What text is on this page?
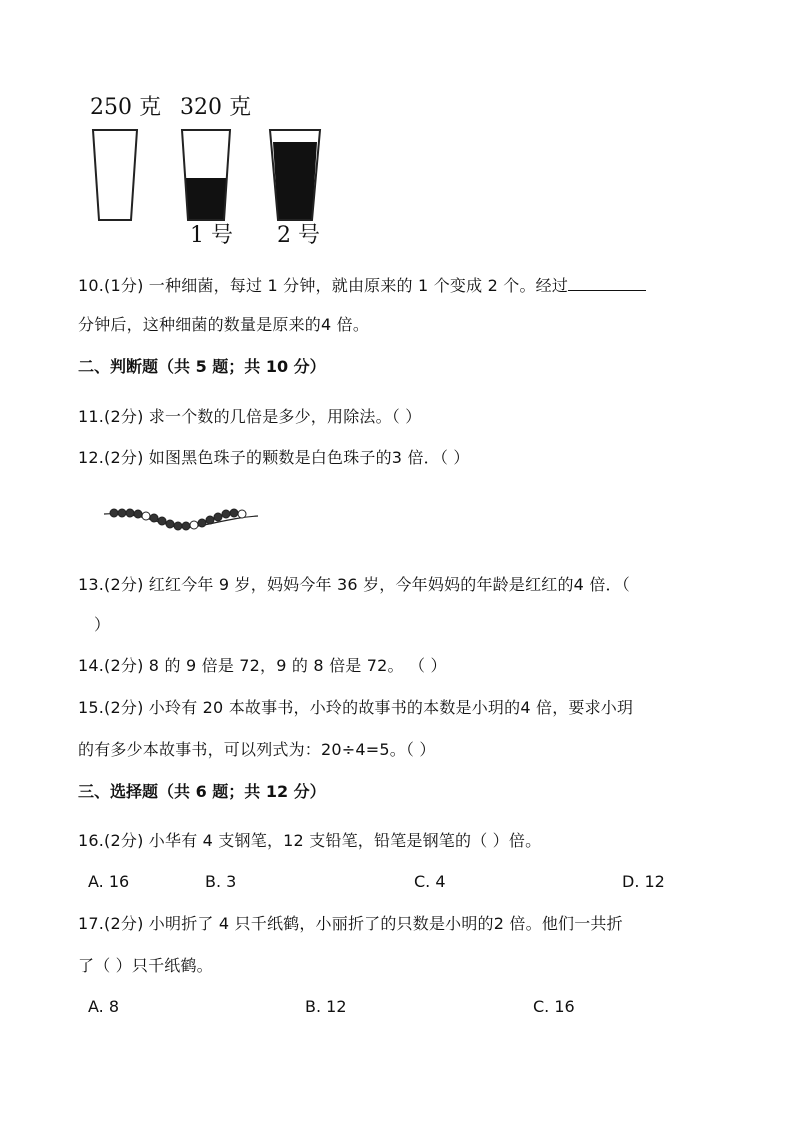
250 克 320 克
1 号 2 号
10.(1分) 一种细菌，每过 1 分钟，就由原来的 1 个变成 2 个。经过
分钟后，这种细菌的数量是原来的4 倍。
二、判断题（共 5 题；共 10 分）
11.(2分) 求一个数的几倍是多少，用除法。（ ）
12.(2分) 如图黑色珠子的颗数是白色珠子的3 倍．（ ）
13.(2分) 红红今年 9 岁，妈妈今年 36 岁，今年妈妈的年龄是红红的4 倍．（
）
14.(2分) 8 的 9 倍是 72，9 的 8 倍是 72。 （ ）
15.(2分) 小玲有 20 本故事书，小玲的故事书的本数是小玥的4 倍，要求小玥
的有多少本故事书，可以列式为：20÷4=5。（ ）
三、选择题（共 6 题；共 12 分）
16.(2分) 小华有 4 支钢笔，12 支铅笔，铅笔是钢笔的（ ）倍。
A. 16	B. 3	C. 4	D. 12
17.(2分) 小明折了 4 只千纸鹤，小丽折了的只数是小明的2 倍。他们一共折
了（ ）只千纸鹤。
A. 8	B. 12	C. 16
